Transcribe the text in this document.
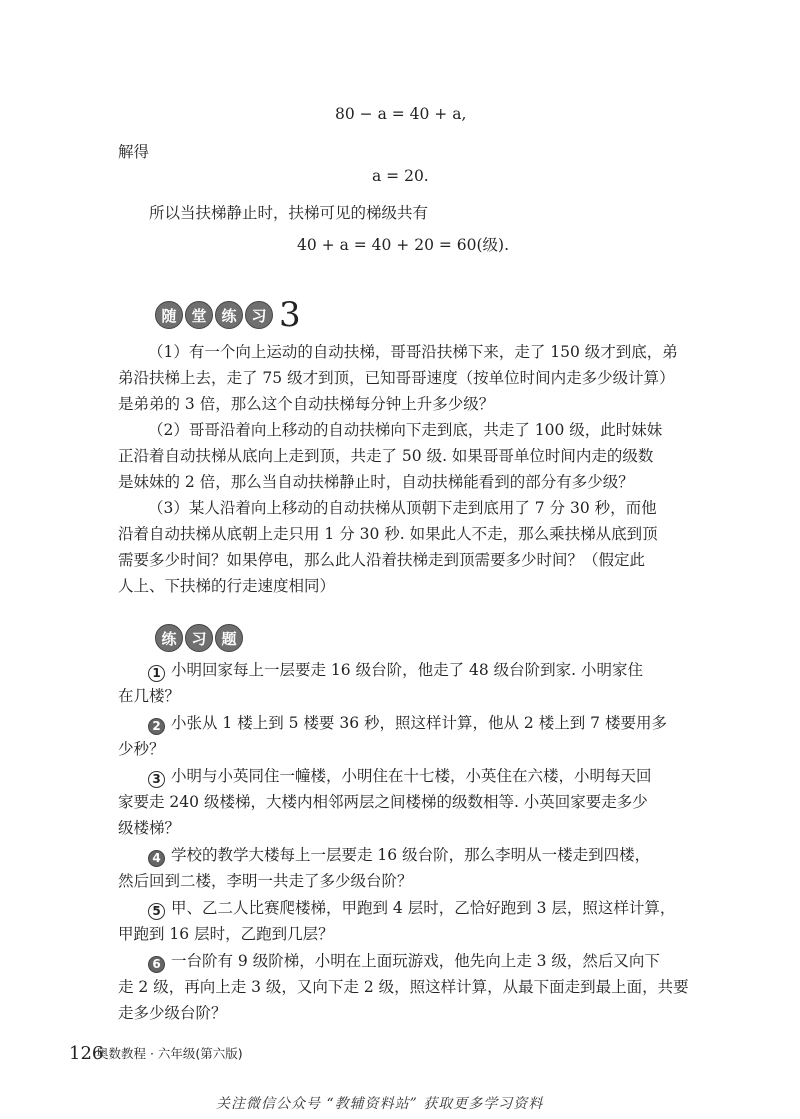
80 − a = 40 + a,
解得
a = 20.
所以当扶梯静止时，扶梯可见的梯级共有
40 + a = 40 + 20 = 60(级).
随 堂 练 习 3
（1）有一个向上运动的自动扶梯，哥哥沿扶梯下来，走了 150 级才到底，弟
弟沿扶梯上去，走了 75 级才到顶，已知哥哥速度（按单位时间内走多少级计算）
是弟弟的 3 倍，那么这个自动扶梯每分钟上升多少级？
（2）哥哥沿着向上移动的自动扶梯向下走到底，共走了 100 级，此时妹妹
正沿着自动扶梯从底向上走到顶，共走了 50 级. 如果哥哥单位时间内走的级数
是妹妹的 2 倍，那么当自动扶梯静止时，自动扶梯能看到的部分有多少级？
（3）某人沿着向上移动的自动扶梯从顶朝下走到底用了 7 分 30 秒，而他
沿着自动扶梯从底朝上走只用 1 分 30 秒. 如果此人不走，那么乘扶梯从底到顶
需要多少时间？如果停电，那么此人沿着扶梯走到顶需要多少时间？（假定此
人上、下扶梯的行走速度相同）
练 习 题
1 小明回家每上一层要走 16 级台阶，他走了 48 级台阶到家. 小明家住
在几楼？
2 小张从 1 楼上到 5 楼要 36 秒，照这样计算，他从 2 楼上到 7 楼要用多
少秒？
3 小明与小英同住一幢楼，小明住在十七楼，小英住在六楼，小明每天回
家要走 240 级楼梯，大楼内相邻两层之间楼梯的级数相等. 小英回家要走多少
级楼梯？
4 学校的教学大楼每上一层要走 16 级台阶，那么李明从一楼走到四楼，
然后回到二楼，李明一共走了多少级台阶？
5 甲、乙二人比赛爬楼梯，甲跑到 4 层时，乙恰好跑到 3 层，照这样计算，
甲跑到 16 层时，乙跑到几层？
6 一台阶有 9 级阶梯，小明在上面玩游戏，他先向上走 3 级，然后又向下
走 2 级，再向上走 3 级，又向下走 2 级，照这样计算，从最下面走到最上面，共要
走多少级台阶？
126
奥数教程 · 六年级(第六版)
关注微信公众号 “教辅资料站” 获取更多学习资料
